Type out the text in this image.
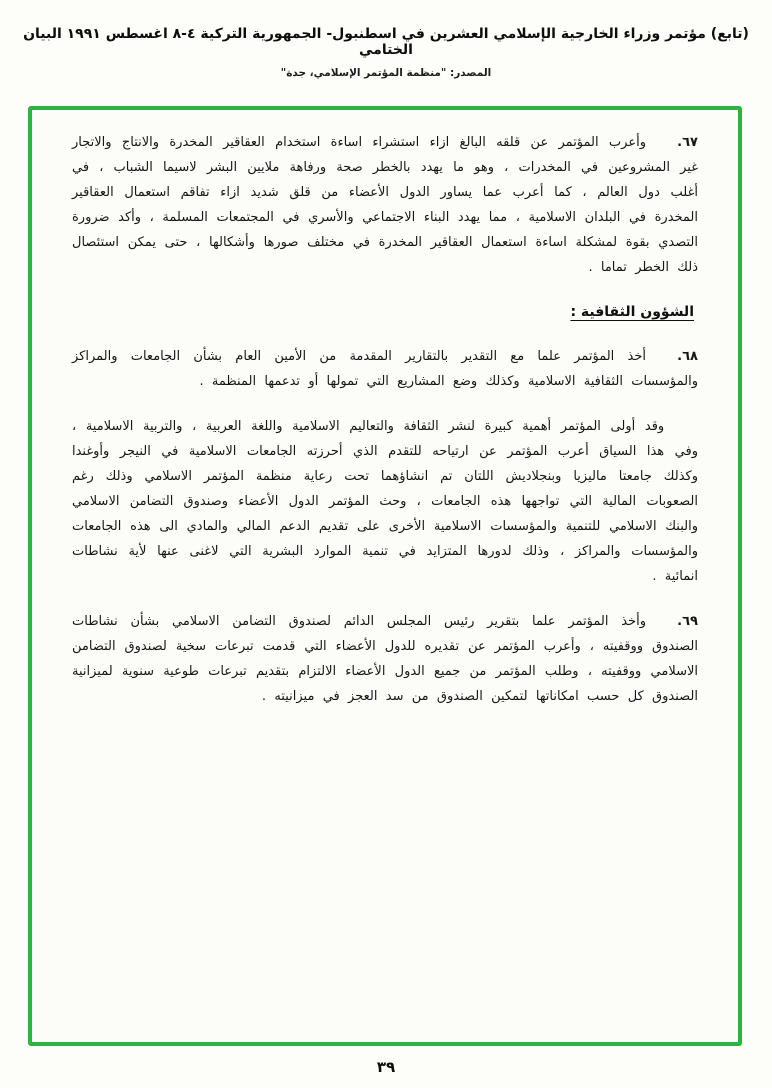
(تابع) مؤتمر وزراء الخارجية الإسلامي العشرين في اسطنبول- الجمهورية التركية ٤-٨ اغسطس ١٩٩١ البيان الختامي
المصدر: "منظمة المؤتمر الإسلامي، جدة"

٦٧.وأعرب المؤتمر عن قلقه البالغ ازاء استشراء اساءة استخدام العقاقير المخدرة والانتاج والاتجار غير المشروعين في المخدرات ، وهو ما يهدد بالخطر صحة ورفاهة ملايين البشر لاسيما الشباب ، في أغلب دول العالم ، كما أعرب عما يساور الدول الأعضاء من قلق شديد ازاء تفاقم استعمال العقاقير المخدرة في البلدان الاسلامية ، مما يهدد البناء الاجتماعي والأسري في المجتمعات المسلمة ، وأكد ضرورة التصدي بقوة لمشكلة اساءة استعمال العقاقير المخدرة في مختلف صورها وأشكالها ، حتى يمكن استئصال ذلك الخطر تماما .

الشؤون الثقافية :

٦٨.أخذ المؤتمر علما مع التقدير بالتقارير المقدمة من الأمين العام بشأن الجامعات والمراكز والمؤسسات الثقافية الاسلامية وكذلك وضع المشاريع التي تمولها أو تدعمها المنظمة .

وقد أولى المؤتمر أهمية كبيرة لنشر الثقافة والتعاليم الاسلامية واللغة العربية ، والتربية الاسلامية ، وفي هذا السياق أعرب المؤتمر عن ارتياحه للتقدم الذي أحرزته الجامعات الاسلامية في النيجر وأوغندا وكذلك جامعتا ماليزيا وبنجلاديش اللتان تم انشاؤهما تحت رعاية منظمة المؤتمر الاسلامي وذلك رغم الصعوبات المالية التي تواجهها هذه الجامعات ، وحث المؤتمر الدول الأعضاء وصندوق التضامن الاسلامي والبنك الاسلامي للتنمية والمؤسسات الاسلامية الأخرى على تقديم الدعم المالي والمادي الى هذه الجامعات والمؤسسات والمراكز ، وذلك لدورها المتزايد في تنمية الموارد البشرية التي لاغنى عنها لأية نشاطات انمائية .

٦٩.وأخذ المؤتمر علما بتقرير رئيس المجلس الدائم لصندوق التضامن الاسلامي بشأن نشاطات الصندوق ووقفيته ، وأعرب المؤتمر عن تقديره للدول الأعضاء التي قدمت تبرعات سخية لصندوق التضامن الاسلامي ووقفيته ، وطلب المؤتمر من جميع الدول الأعضاء الالتزام بتقديم تبرعات طوعية سنوية لميزانية الصندوق كل حسب امكاناتها لتمكين الصندوق من سد العجز في ميزانيته .

٣٩
